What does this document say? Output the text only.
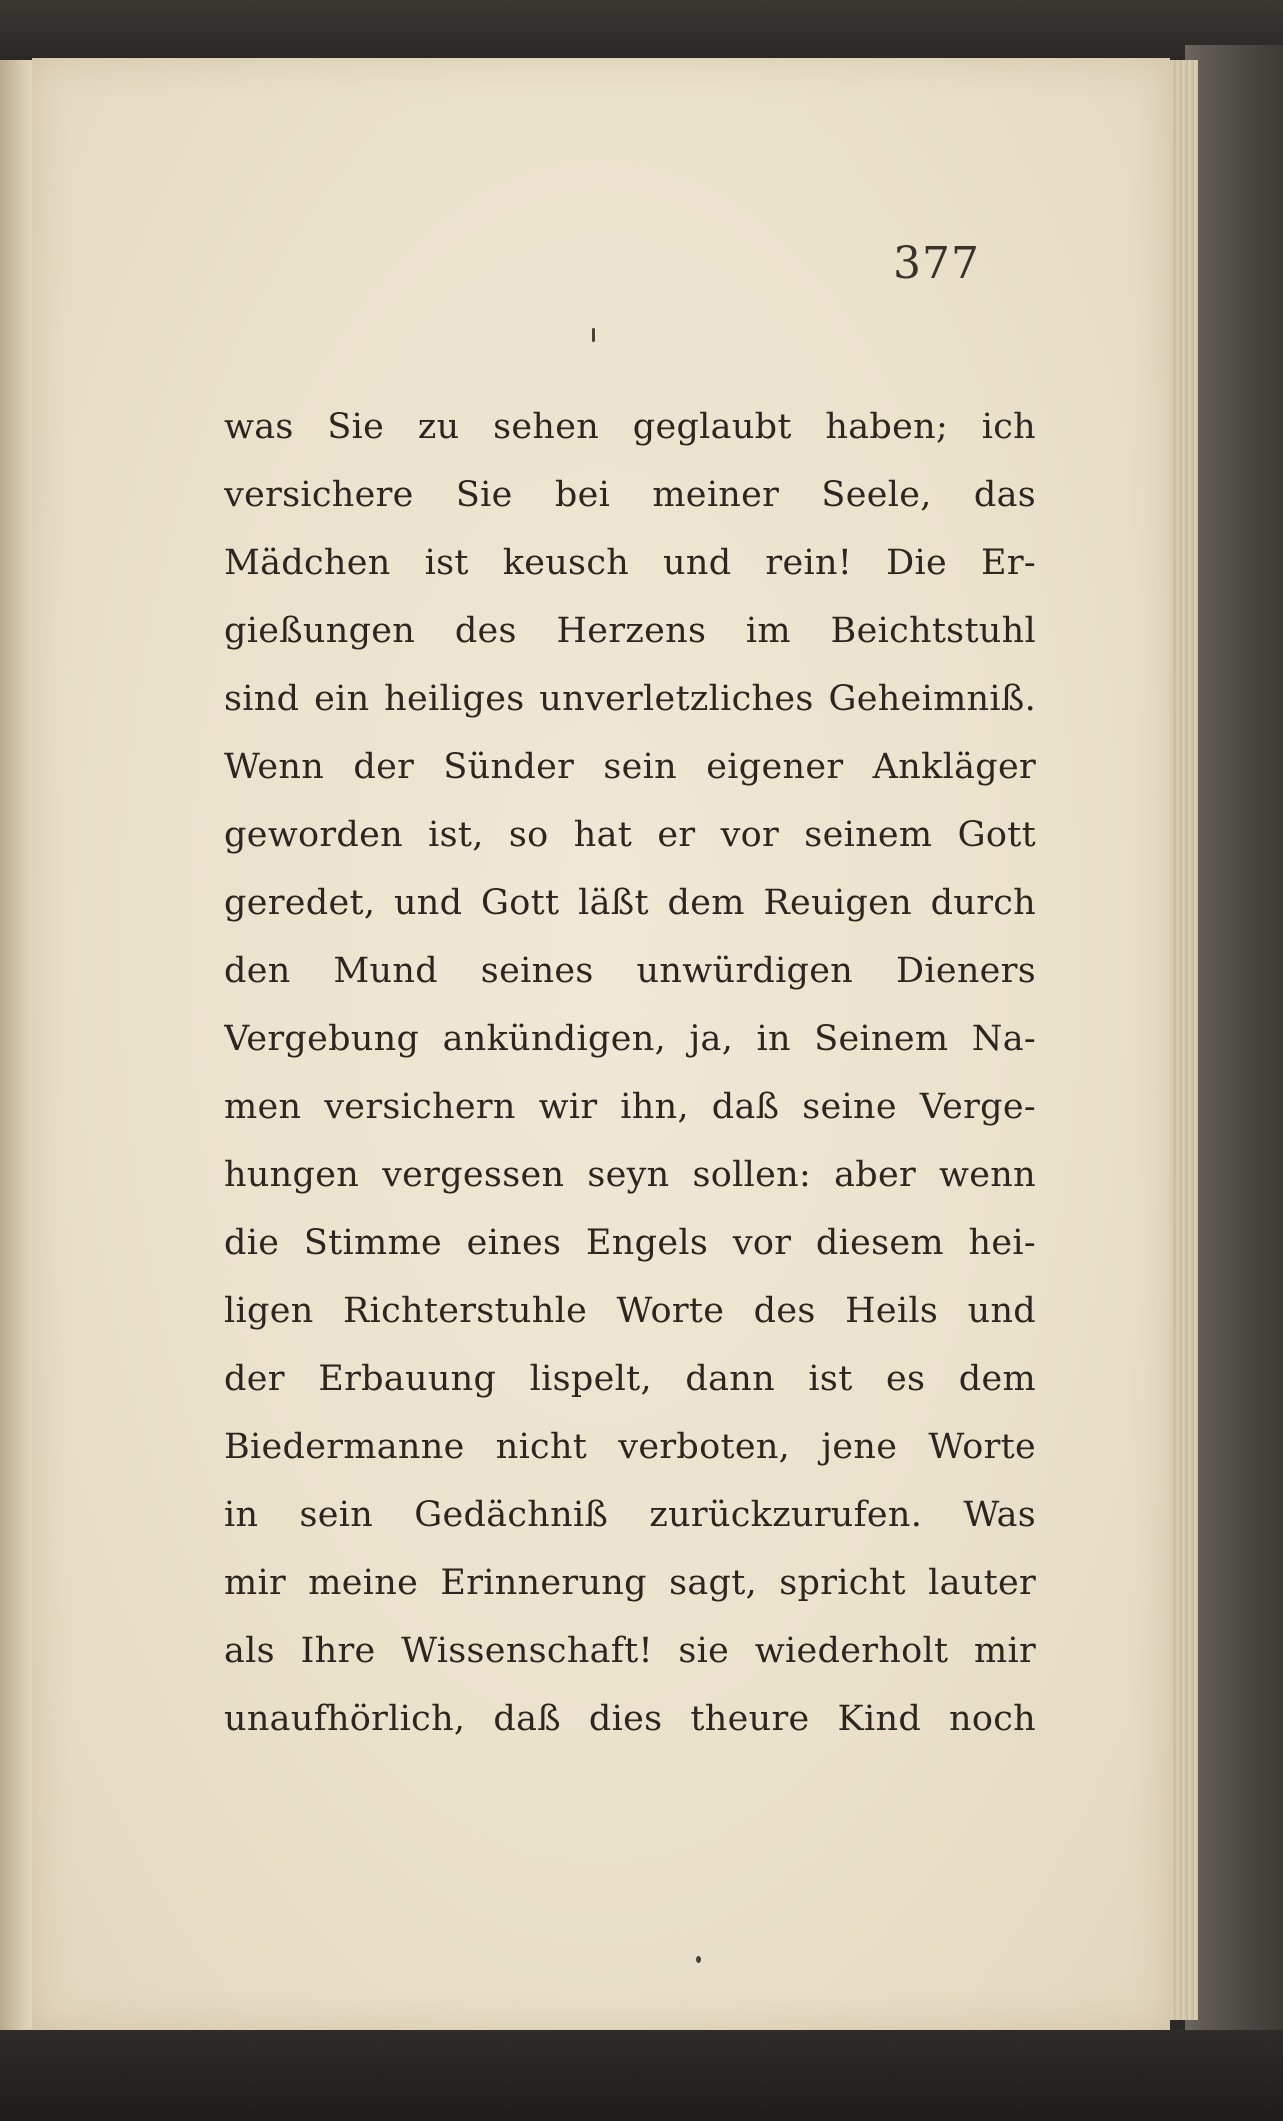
377
was Sie zu sehen geglaubt haben; ich
versichere Sie bei meiner Seele, das
Mädchen ist keusch und rein! Die Er-
gießungen des Herzens im Beichtstuhl
sind ein heiliges unverletzliches Geheimniß.
Wenn der Sünder sein eigener Ankläger
geworden ist, so hat er vor seinem Gott
geredet, und Gott läßt dem Reuigen durch
den Mund seines unwürdigen Dieners
Vergebung ankündigen, ja, in Seinem Na-
men versichern wir ihn, daß seine Verge-
hungen vergessen seyn sollen: aber wenn
die Stimme eines Engels vor diesem hei-
ligen Richterstuhle Worte des Heils und
der Erbauung lispelt, dann ist es dem
Biedermanne nicht verboten, jene Worte
in sein Gedächniß zurückzurufen. Was
mir meine Erinnerung sagt, spricht lauter
als Ihre Wissenschaft! sie wiederholt mir
unaufhörlich, daß dies theure Kind noch
